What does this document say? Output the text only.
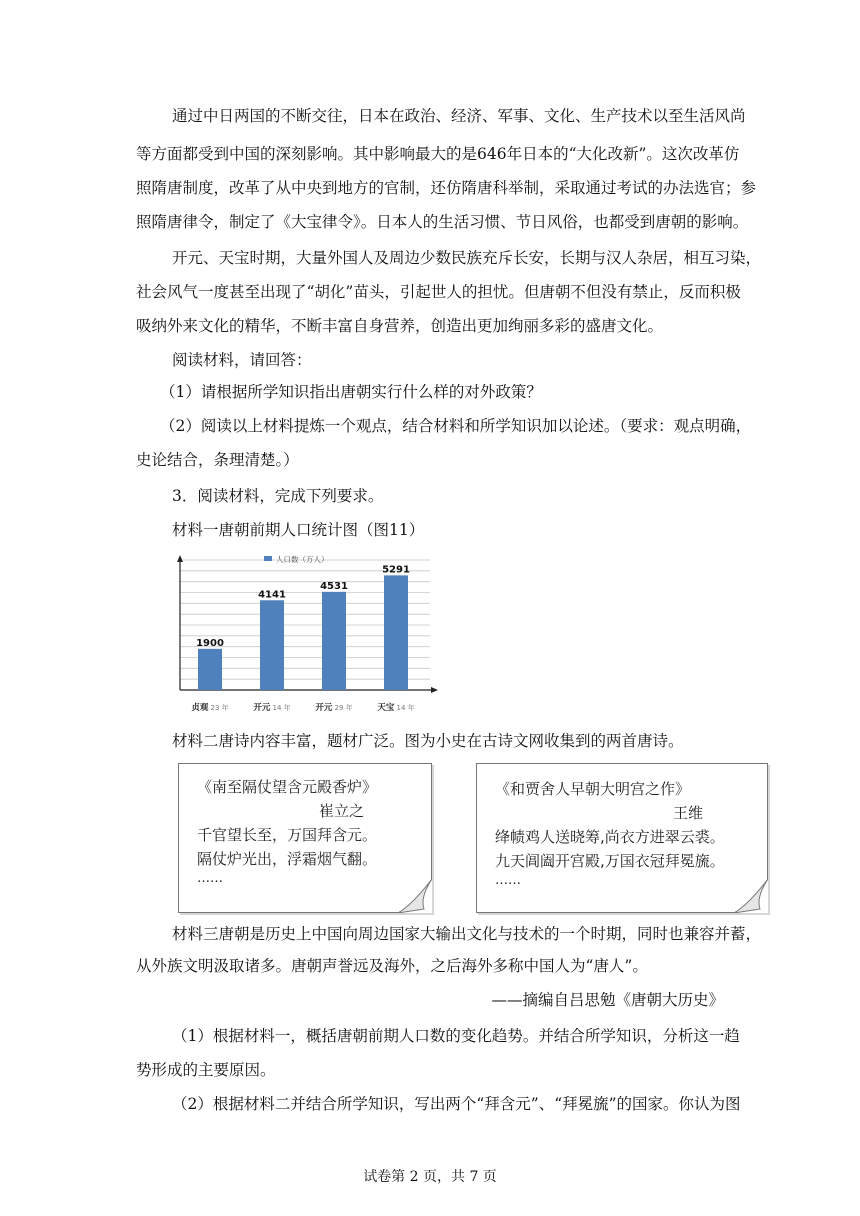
通过中日两国的不断交往，日本在政治、经济、军事、文化、生产技术以至生活风尚
等方面都受到中国的深刻影响。其中影响最大的是646年日本的“大化改新”。这次改革仿
照隋唐制度，改革了从中央到地方的官制，还仿隋唐科举制，采取通过考试的办法选官；参
照隋唐律令，制定了《大宝律令》。日本人的生活习惯、节日风俗，也都受到唐朝的影响。
开元、天宝时期，大量外国人及周边少数民族充斥长安，长期与汉人杂居，相互习染，
社会风气一度甚至出现了“胡化”苗头，引起世人的担忧。但唐朝不但没有禁止，反而积极
吸纳外来文化的精华，不断丰富自身营养，创造出更加绚丽多彩的盛唐文化。
阅读材料，请回答：
（1）请根据所学知识指出唐朝实行什么样的对外政策？
（2）阅读以上材料提炼一个观点，结合材料和所学知识加以论述。（要求：观点明确，
史论结合，条理清楚。）
3．阅读材料，完成下列要求。
材料一唐朝前期人口统计图（图11）
人口数（万人）
1900
4141
4531
5291
贞观 23 年	开元 14 年	开元 29 年	天宝 14 年
材料二唐诗内容丰富，题材广泛。图为小史在古诗文网收集到的两首唐诗。
《南至隔仗望含元殿香炉》
崔立之
千官望长至，万国拜含元。
隔仗炉光出，浮霜烟气翻。
……
《和贾舍人早朝大明宫之作》
王维
绛帻鸡人送晓筹,尚衣方进翠云裘。
九天阊阖开宫殿,万国衣冠拜冕旒。
……
材料三唐朝是历史上中国向周边国家大输出文化与技术的一个时期，同时也兼容并蓄，
从外族文明汲取诸多。唐朝声誉远及海外，之后海外多称中国人为“唐人”。
——摘编自吕思勉《唐朝大历史》
（1）根据材料一，概括唐朝前期人口数的变化趋势。并结合所学知识，分析这一趋
势形成的主要原因。
（2）根据材料二并结合所学知识，写出两个“拜含元”、“拜冕旒”的国家。你认为图
试卷第 2 页，共 7 页
